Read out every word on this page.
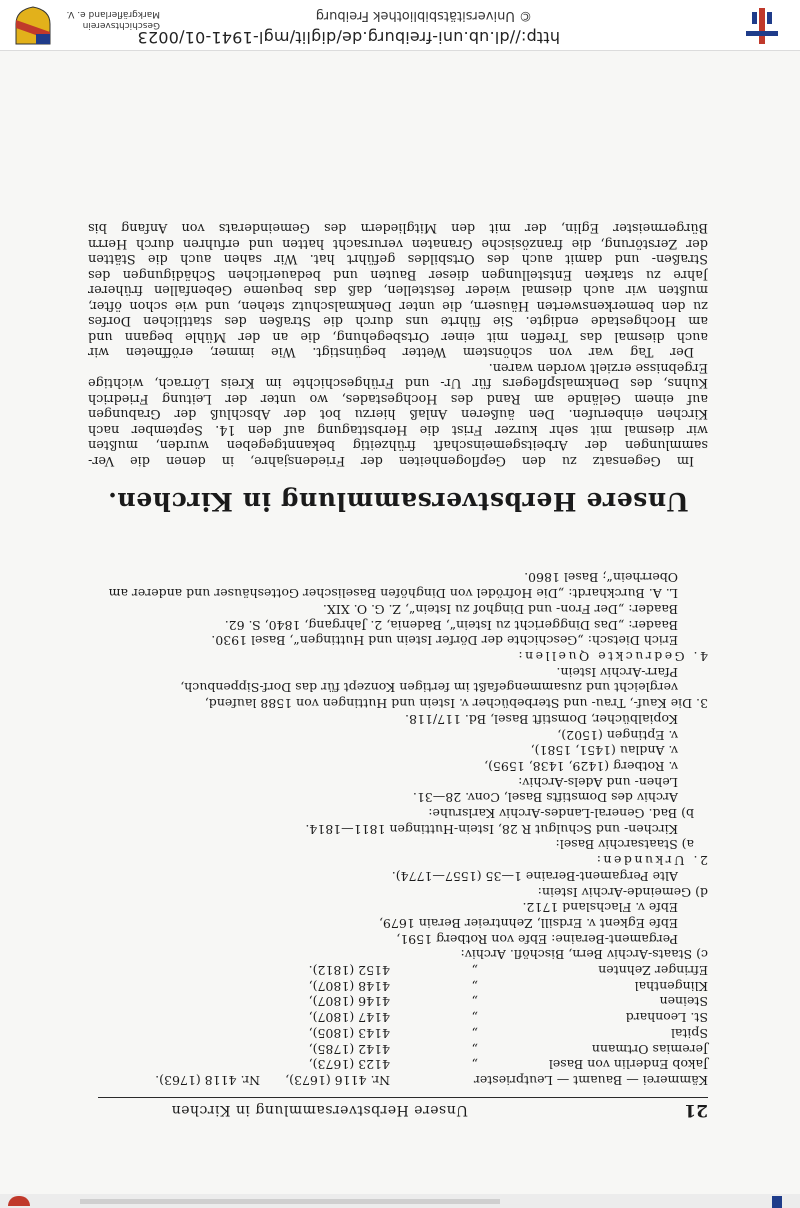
21
Unsere Herbstversammlung in Kirchen
Kämmerei — Bauamt — Leutpriester
Nr. 4116 (1673),
Nr. 4118 (1763).
Jakob Enderlin von Basel
„
4123 (1673),
Jeremias Ortmann
„
4142 (1785),
Spital
„
4143 (1805),
St. Leonhard
„
4147 (1807),
Steinen
„
4146 (1807),
Klingenthal
„
4148 (1807),
Efringer Zehnten
„
4152 (1812).
c) Staats-Archiv Bern, Bischöfl. Archiv:
Pergament-Beraine: Ebfe von Rotberg 1591,
Ebfe Egkent v. Erdsill, Zehntreier Berain 1679,
Ebfe v. Flachsland 1712.
d) Gemeinde-Archiv Istein:
Alte Pergament-Beraine 1—35 (1557—1774).
2. Urkunden:
a) Staatsarchiv Basel:
Kirchen- und Schulgut R 28, Istein-Huttingen 1811—1814.
b) Bad. General-Landes-Archiv Karlsruhe:
Archiv des Domstifts Basel, Conv. 28—31.
Lehen- und Adels-Archiv:
v. Rotberg (1429, 1438, 1595),
v. Andlau (1451, 1581),
v. Eptingen (1502),
Kopialbücher, Domstift Basel, Bd. 117/118.
3. Die Kauf-, Trau- und Sterbebücher v. Istein und Huttingen von 1588 laufend,
vergleicht und zusammengefaßt im fertigen Konzept für das Dorf-Sippenbuch,
Pfarr-Archiv Istein.
4. Gedruckte Quellen:
Erich Dietsch: „Geschichte der Dörfer Istein und Huttingen“, Basel 1930.
Baader: „Das Dinggericht zu Istein“, Badenia, 2. Jahrgang, 1840, S. 62.
Baader: „Der Fron- und Dinghof zu Istein“, Z. G. O. XIX.
L. A. Burckhardt: „Die Hofrödel von Dinghöfen Baselischer Gotteshäuser und anderer am
Oberrhein“; Basel 1860.
Unsere Herbstversammlung in Kirchen.
Im Gegensatz zu den Gepflogenheiten der Friedensjahre, in denen die Ver-
sammlungen der Arbeitsgemeinschaft frühzeitig bekanntgegeben wurden, mußten
wir diesmal mit sehr kurzer Frist die Herbsttagung auf den 14. September nach
Kirchen einberufen. Den äußeren Anlaß hierzu bot der Abschluß der Grabungen
auf einem Gelände am Rand des Hochgestades, wo unter der Leitung Friedrich
Kuhns, des Denkmalspflegers für Ur- und Frühgeschichte im Kreis Lörrach, wichtige
Ergebnisse erzielt worden waren.
Der Tag war von schönstem Wetter begünstigt. Wie immer, eröffneten wir
auch diesmal das Treffen mit einer Ortsbegehung, die an der Mühle begann und
am Hochgestade endigte. Sie führte uns durch die Straßen des stattlichen Dorfes
zu den bemerkenswerten Häusern, die unter Denkmalschutz stehen, und wie schon öfter,
mußten wir auch diesmal wieder feststellen, daß das bequeme Gebenfallen früherer
Jahre zu starken Entstellungen dieser Bauten und bedauerlichen Schädigungen des
Straßen- und damit auch des Ortsbildes geführt hat. Wir sahen auch die Stätten
der Zerstörung, die französische Granaten verursacht hatten und erfuhren durch Herrn
Bürgermeister Eglin, der mit den Mitgliedern des Gemeinderats von Anfang bis
http://dl.ub.uni-freiburg.de/diglit/mgl-1941-01/0023
© Universitätsbibliothek Freiburg
Geschichtsverein
Markgräflerland e. V.
